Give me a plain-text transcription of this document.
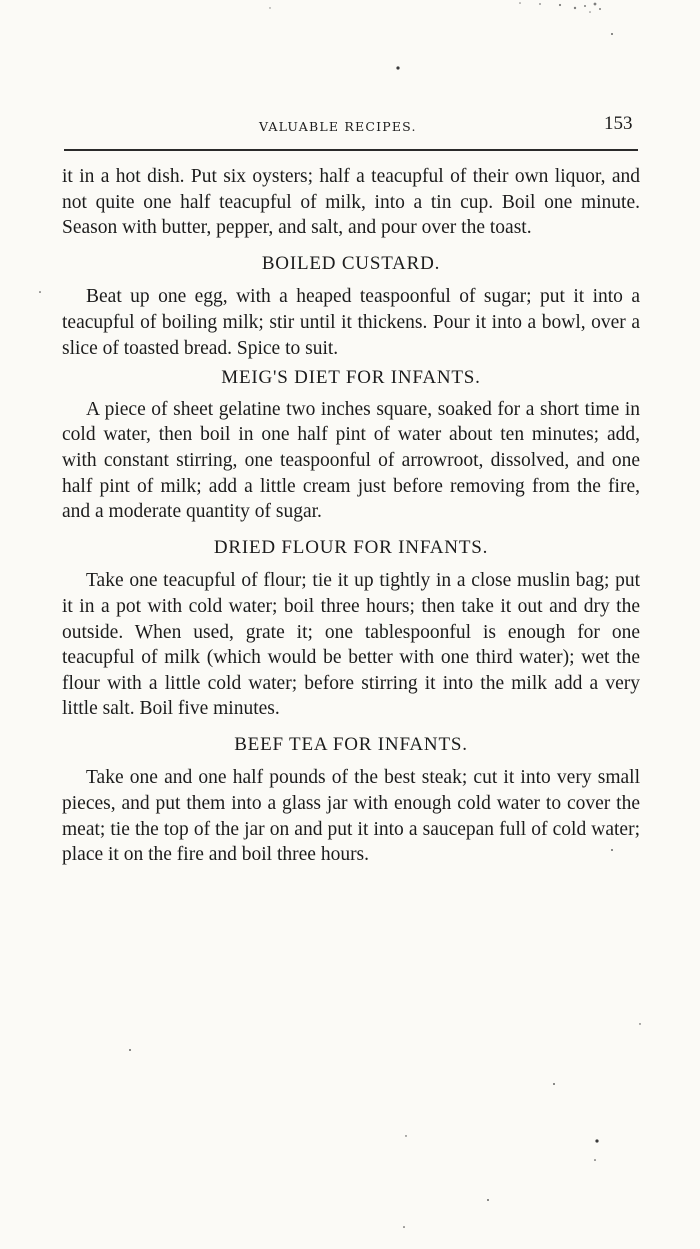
VALUABLE RECIPES.	153

it in a hot dish. Put six oysters; half a teacupful of their own liquor, and not quite one half teacupful of milk, into a tin cup. Boil one minute. Season with butter, pepper, and salt, and pour over the toast.

BOILED CUSTARD.

Beat up one egg, with a heaped teaspoonful of sugar; put it into a teacupful of boiling milk; stir until it thickens. Pour it into a bowl, over a slice of toasted bread. Spice to suit.

MEIG'S DIET FOR INFANTS.

A piece of sheet gelatine two inches square, soaked for a short time in cold water, then boil in one half pint of water about ten minutes; add, with constant stirring, one teaspoonful of arrowroot, dissolved, and one half pint of milk; add a little cream just before removing from the fire, and a moderate quantity of sugar.

DRIED FLOUR FOR INFANTS.

Take one teacupful of flour; tie it up tightly in a close muslin bag; put it in a pot with cold water; boil three hours; then take it out and dry the outside. When used, grate it; one tablespoonful is enough for one teacupful of milk (which would be better with one third water); wet the flour with a little cold water; before stirring it into the milk add a very little salt. Boil five minutes.

BEEF TEA FOR INFANTS.

Take one and one half pounds of the best steak; cut it into very small pieces, and put them into a glass jar with enough cold water to cover the meat; tie the top of the jar on and put it into a saucepan full of cold water; place it on the fire and boil three hours.
